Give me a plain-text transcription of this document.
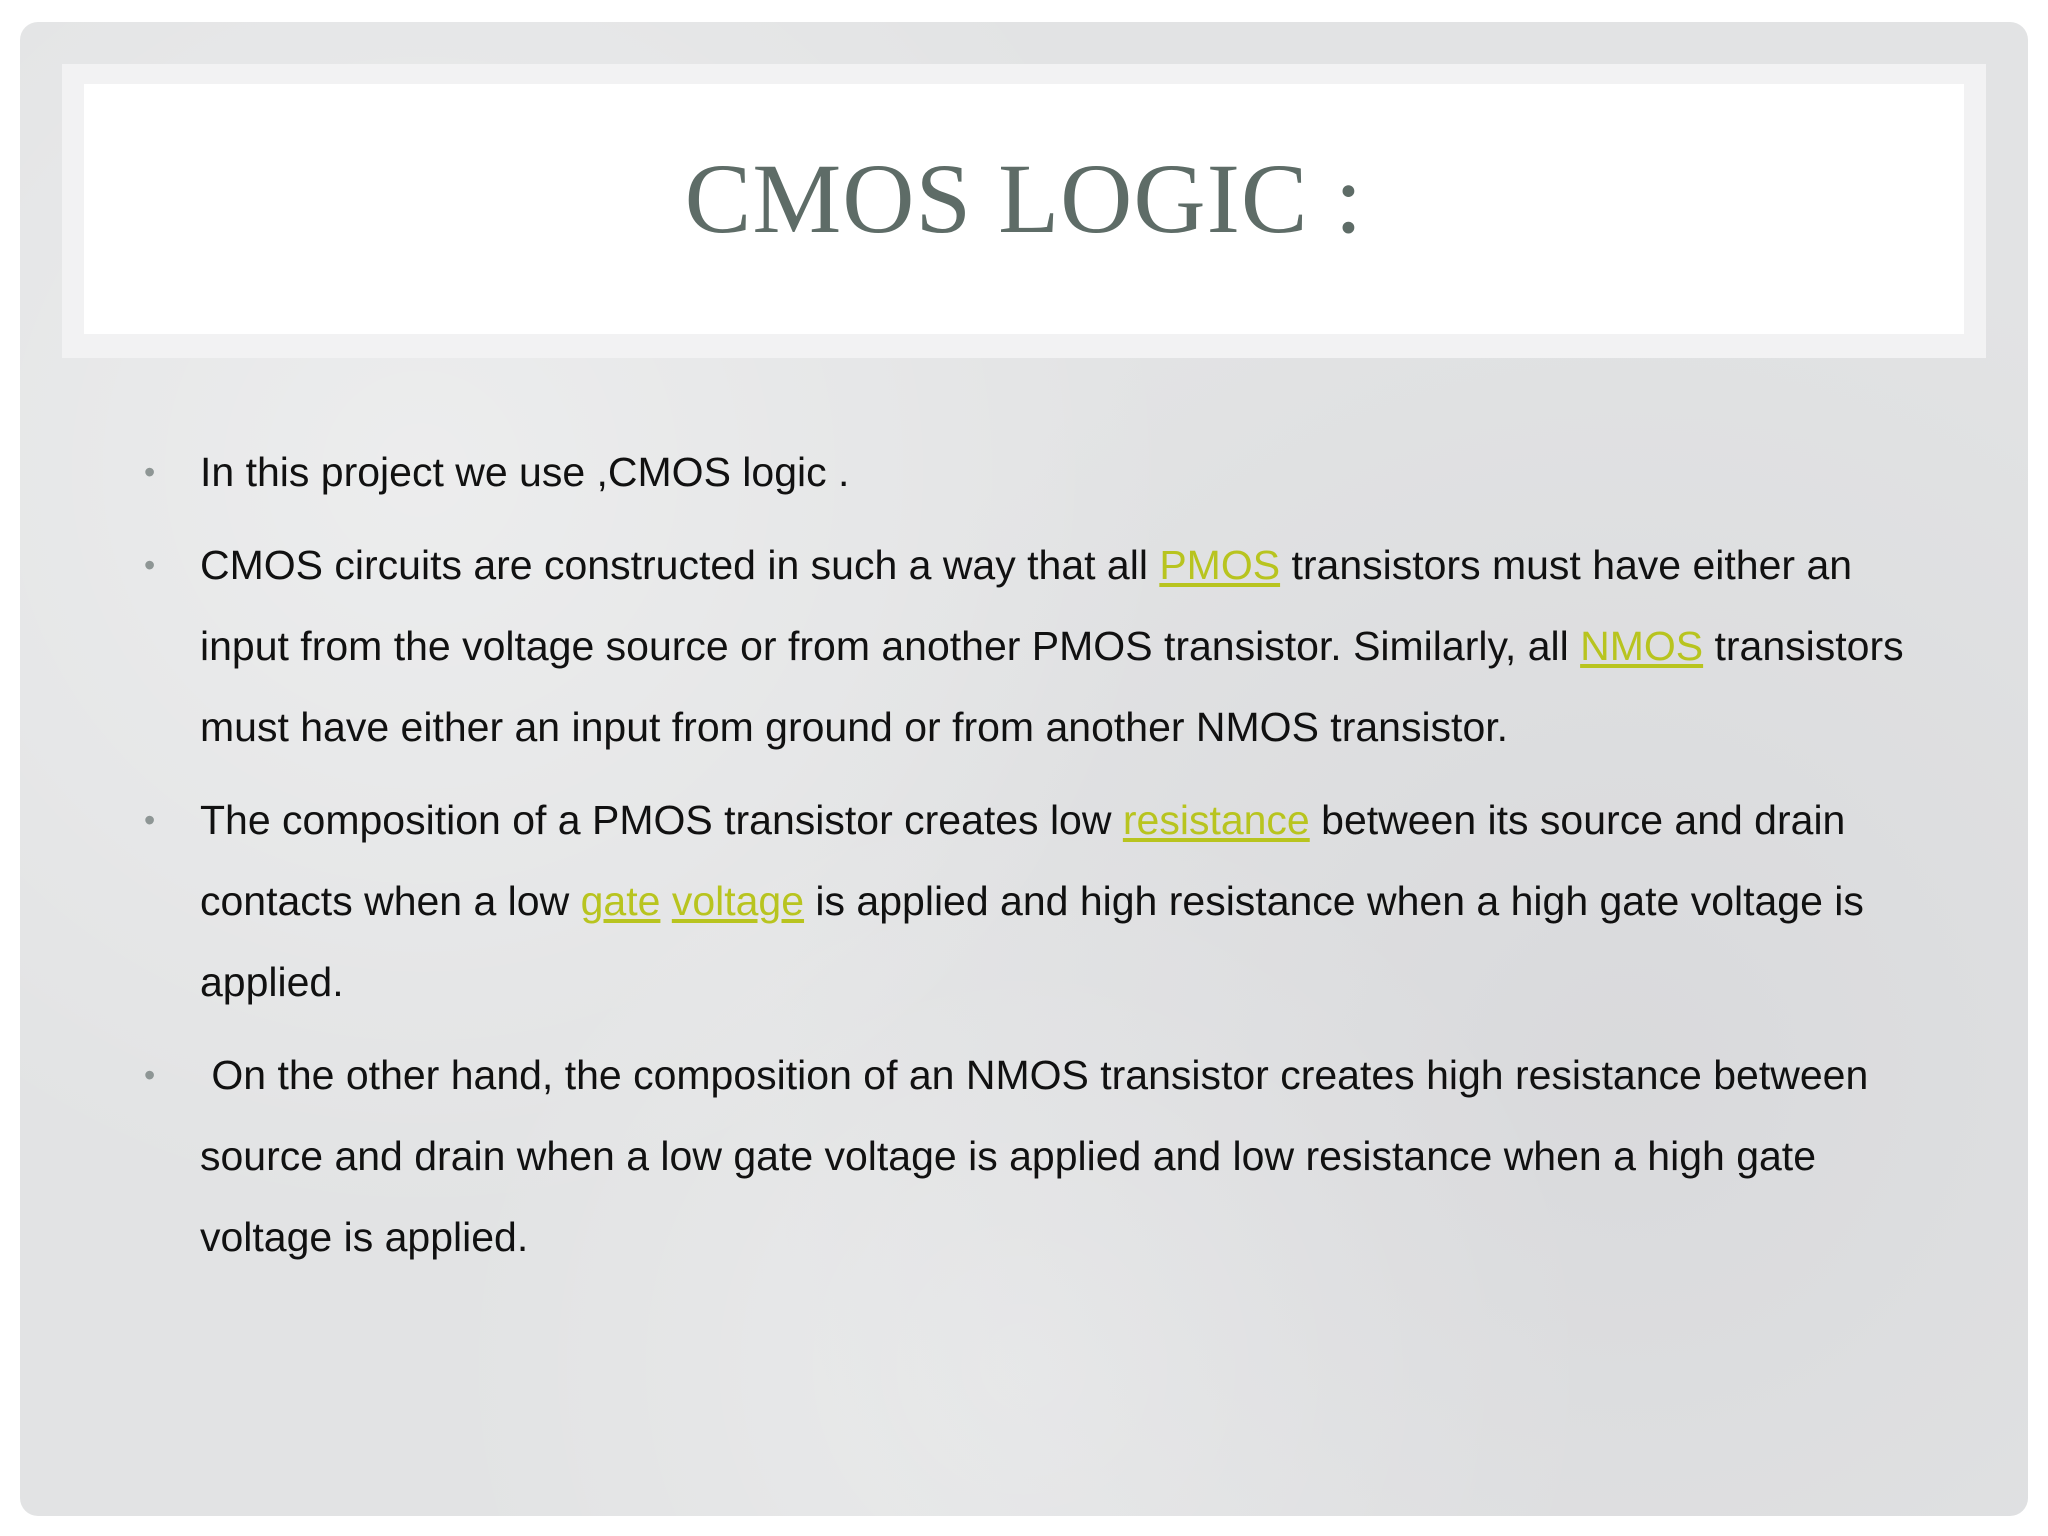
CMOS LOGIC :
•	In this project we use ,CMOS logic .
•	CMOS circuits are constructed in such a way that all PMOS transistors must have either an input from the voltage source or from another PMOS transistor. Similarly, all NMOS transistors must have either an input from ground or from another NMOS transistor.
•	The composition of a PMOS transistor creates low resistance between its source and drain contacts when a low gate voltage is applied and high resistance when a high gate voltage is applied.
•	On the other hand, the composition of an NMOS transistor creates high resistance between source and drain when a low gate voltage is applied and low resistance when a high gate voltage is applied.
